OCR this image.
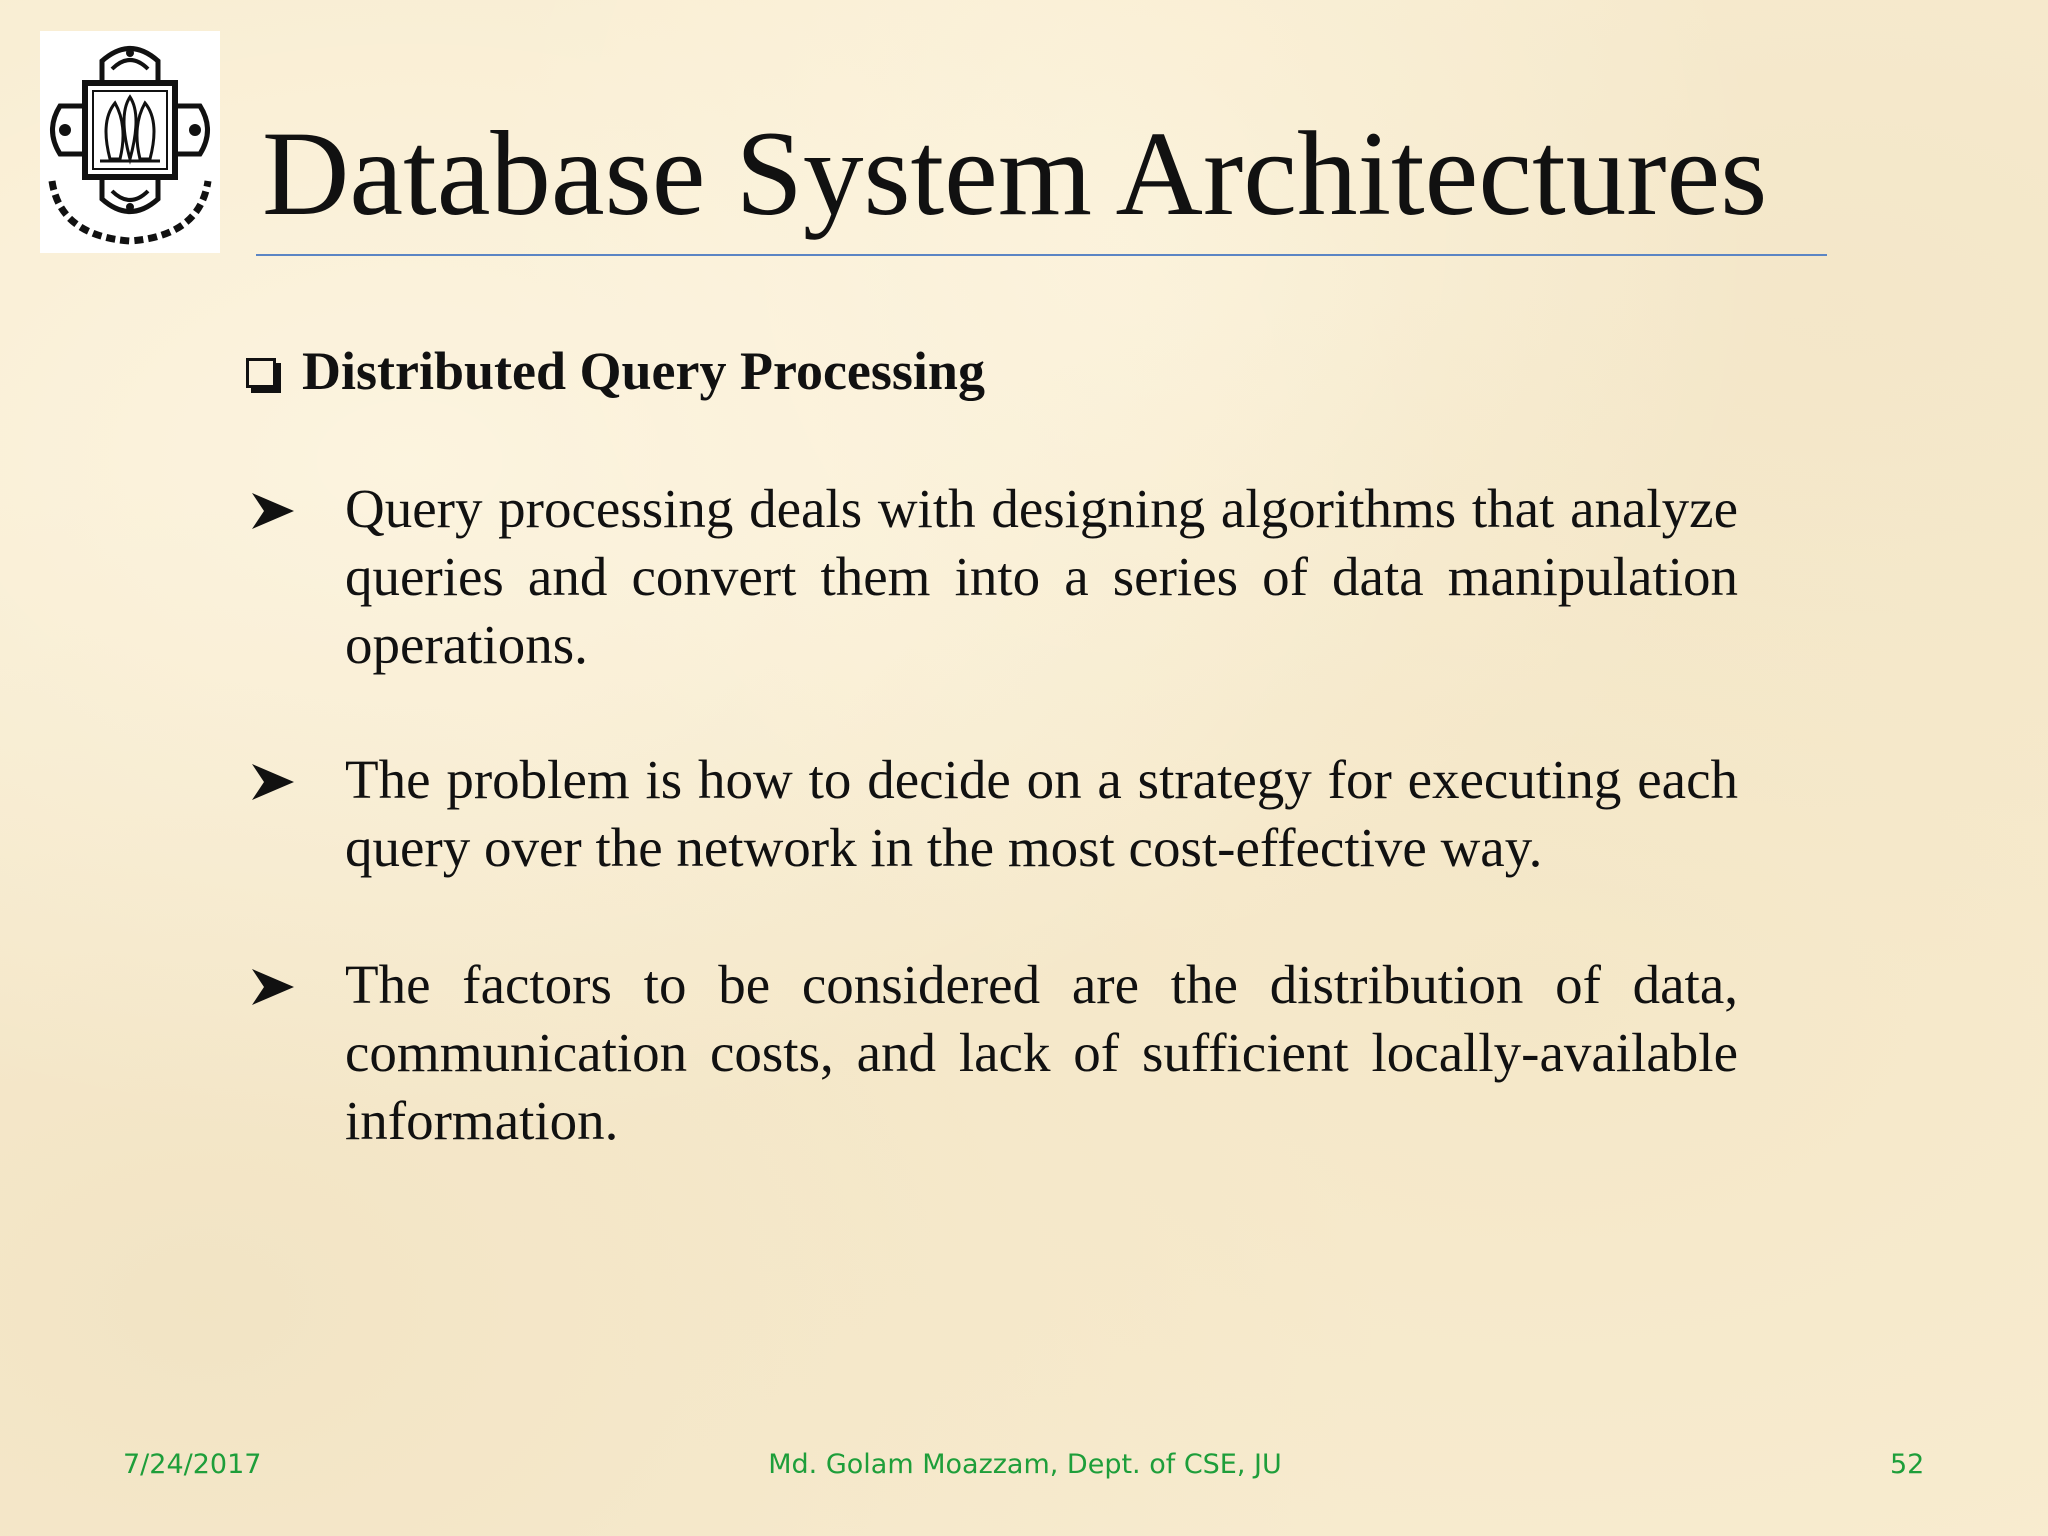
Database System Architectures
Distributed Query Processing

Query processing deals with designing algorithms that analyze queries and convert them into a series of data manipulation operations.

The problem is how to decide on a strategy for executing each query over the network in the most cost-effective way.

The factors to be considered are the distribution of data, communication costs, and lack of sufficient locally-available information.

7/24/2017	Md. Golam Moazzam, Dept. of CSE, JU	52
